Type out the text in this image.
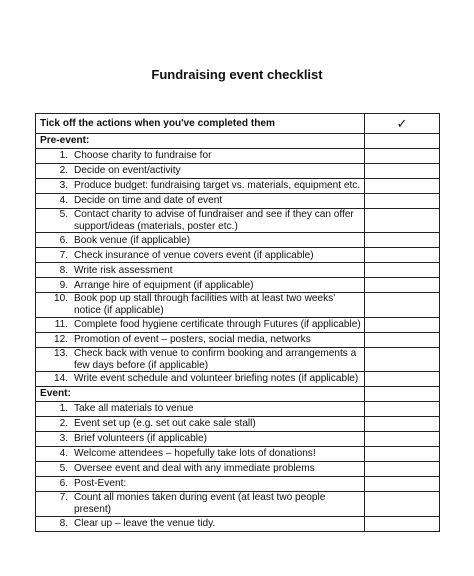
Fundraising event checklist
Tick off the actions when you've completed them	✓
Pre-event:	

1. Choose charity to fundraise for	

2. Decide on event/activity	

3. Produce budget: fundraising target vs. materials, equipment etc.	

4. Decide on time and date of event	

5. Contact charity to advise of fundraiser and see if they can offer support/ideas (materials, poster etc.)	

6. Book venue (if applicable)	

7. Check insurance of venue covers event (if applicable)	

8. Write risk assessment	

9. Arrange hire of equipment (if applicable)	

10. Book pop up stall through facilities with at least two weeks' notice (if applicable)	

11. Complete food hygiene certificate through Futures (if applicable)	

12. Promotion of event – posters, social media, networks	

13. Check back with venue to confirm booking and arrangements a few days before (if applicable)	

14. Write event schedule and volunteer briefing notes (if applicable)	

Event:	

1. Take all materials to venue	

2. Event set up (e.g. set out cake sale stall)	

3. Brief volunteers (if applicable)	

4. Welcome attendees – hopefully take lots of donations!	

5. Oversee event and deal with any immediate problems	

6. Post-Event:	

7. Count all monies taken during event (at least two people present)	

8. Clear up – leave the venue tidy.	
